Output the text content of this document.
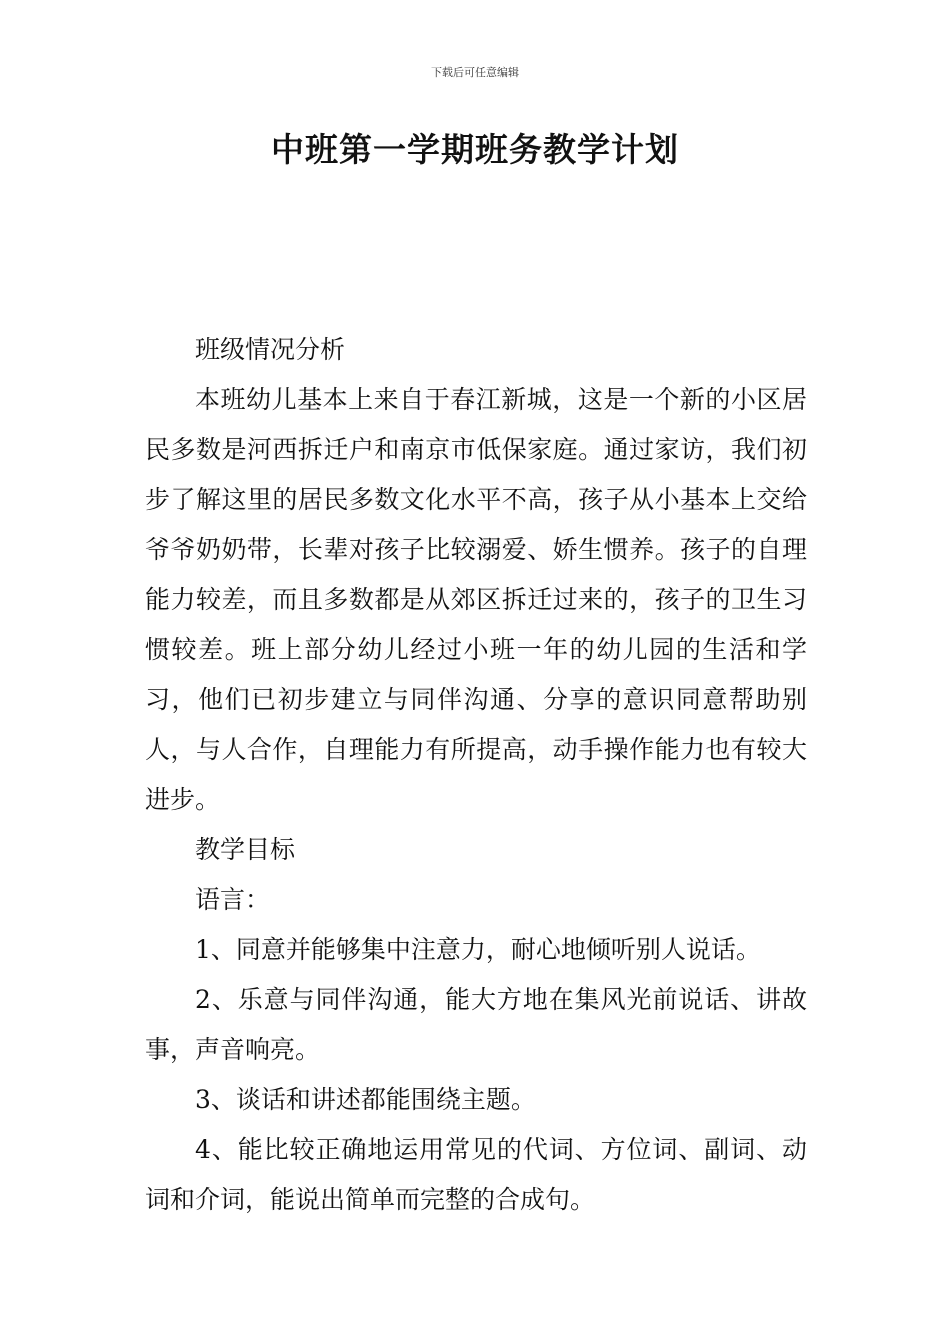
下载后可任意编辑
中班第一学期班务教学计划

班级情况分析

本班幼儿基本上来自于春江新城，这是一个新的小区居民多数是河西拆迁户和南京市低保家庭。通过家访，我们初步了解这里的居民多数文化水平不高，孩子从小基本上交给爷爷奶奶带，长辈对孩子比较溺爱、娇生惯养。孩子的自理能力较差，而且多数都是从郊区拆迁过来的，孩子的卫生习惯较差。班上部分幼儿经过小班一年的幼儿园的生活和学习，他们已初步建立与同伴沟通、分享的意识同意帮助别人，与人合作，自理能力有所提高，动手操作能力也有较大进步。

教学目标

语言：

1、同意并能够集中注意力，耐心地倾听别人说话。

2、乐意与同伴沟通，能大方地在集风光前说话、讲故事，声音响亮。

3、谈话和讲述都能围绕主题。

4、能比较正确地运用常见的代词、方位词、副词、动词和介词，能说出简单而完整的合成句。
